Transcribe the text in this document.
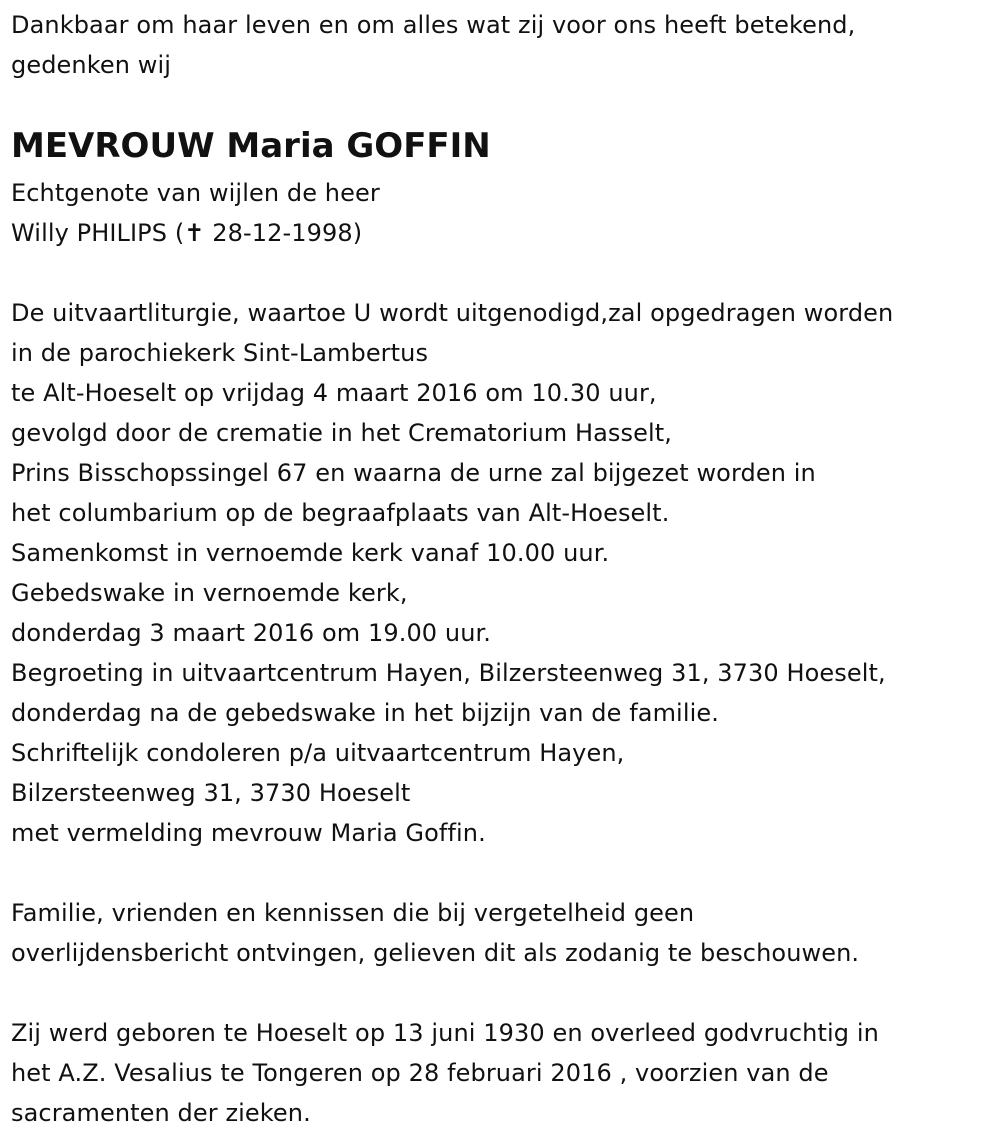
Dankbaar om haar leven en om alles wat zij voor ons heeft betekend,
gedenken wij
MEVROUW Maria GOFFIN
Echtgenote van wijlen de heer
Willy PHILIPS (✝ 28-12-1998)
De uitvaartliturgie, waartoe U wordt uitgenodigd,zal opgedragen worden
in de parochiekerk Sint-Lambertus
te Alt-Hoeselt op vrijdag 4 maart 2016 om 10.30 uur,
gevolgd door de crematie in het Crematorium Hasselt,
Prins Bisschopssingel 67 en waarna de urne zal bijgezet worden in
het columbarium op de begraafplaats van Alt-Hoeselt.
Samenkomst in vernoemde kerk vanaf 10.00 uur.
Gebedswake in vernoemde kerk,
donderdag 3 maart 2016 om 19.00 uur.
Begroeting in uitvaartcentrum Hayen, Bilzersteenweg 31, 3730 Hoeselt,
donderdag na de gebedswake in het bijzijn van de familie.
Schriftelijk condoleren p/a uitvaartcentrum Hayen,
Bilzersteenweg 31, 3730 Hoeselt
met vermelding mevrouw Maria Goffin.
Familie, vrienden en kennissen die bij vergetelheid geen
overlijdensbericht ontvingen, gelieven dit als zodanig te beschouwen.
Zij werd geboren te Hoeselt op 13 juni 1930 en overleed godvruchtig in
het A.Z. Vesalius te Tongeren op 28 februari 2016 , voorzien van de
sacramenten der zieken.
